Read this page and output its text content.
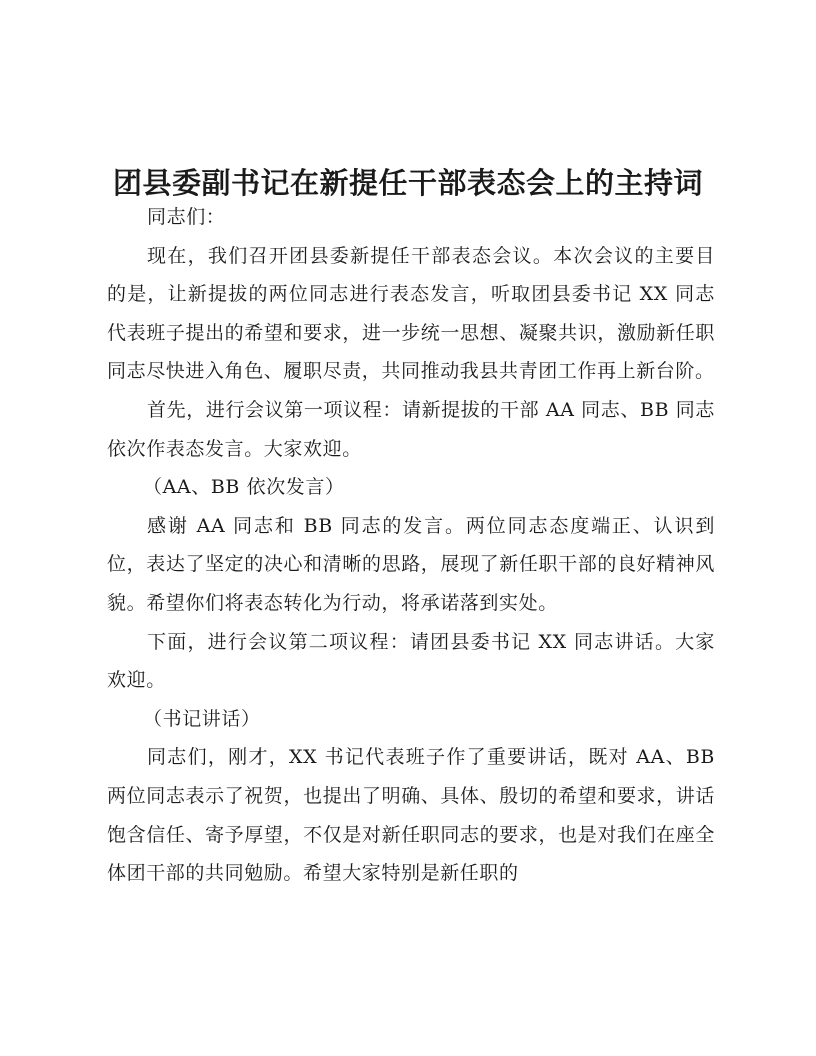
团县委副书记在新提任干部表态会上的主持词

同志们：

现在，我们召开团县委新提任干部表态会议。本次会议的主要目的是，让新提拔的两位同志进行表态发言，听取团县委书记 XX 同志代表班子提出的希望和要求，进一步统一思想、凝聚共识，激励新任职同志尽快进入角色、履职尽责，共同推动我县共青团工作再上新台阶。

首先，进行会议第一项议程：请新提拔的干部 AA 同志、BB 同志依次作表态发言。大家欢迎。

（AA、BB 依次发言）

感谢 AA 同志和 BB 同志的发言。两位同志态度端正、认识到位，表达了坚定的决心和清晰的思路，展现了新任职干部的良好精神风貌。希望你们将表态转化为行动，将承诺落到实处。

下面，进行会议第二项议程：请团县委书记 XX 同志讲话。大家欢迎。

（书记讲话）

同志们，刚才，XX 书记代表班子作了重要讲话，既对 AA、BB 两位同志表示了祝贺，也提出了明确、具体、殷切的希望和要求，讲话饱含信任、寄予厚望，不仅是对新任职同志的要求，也是对我们在座全体团干部的共同勉励。希望大家特别是新任职的
